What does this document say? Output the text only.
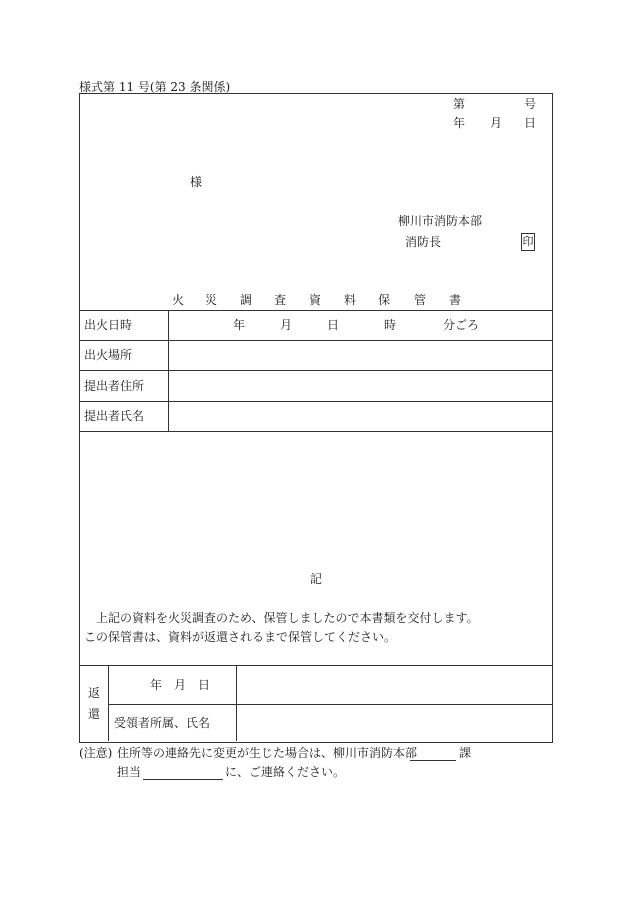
様式第 11 号(第 23 条関係)
第	号
年 月 日
様
柳川市消防本部
消防長	印
火 災 調 査 資 料 保 管 書
出火日時	年	月	日	時	分ごろ
出火場所
提出者住所
提出者氏名
記
上記の資料を火災調査のため、保管しましたので本書類を交付します。
この保管書は、資料が返還されるまで保管してください。
返
還
年　月　日
受領者所属、氏名
(注意) 住所等の連絡先に変更が生じた場合は、柳川市消防本部	課
担当	に、ご連絡ください。
